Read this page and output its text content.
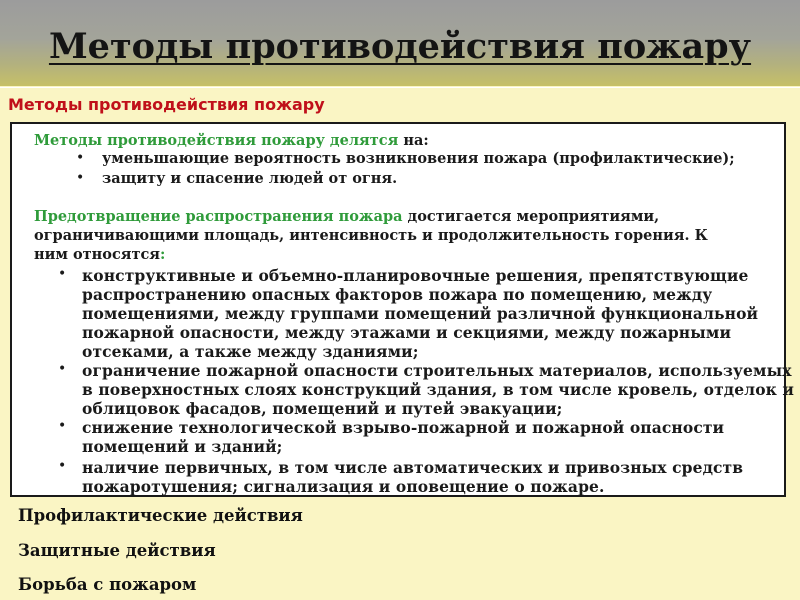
Методы противодействия пожару
Методы противодействия пожару
Методы противодействия пожару делятся на:
• уменьшающие вероятность возникновения пожара (профилактические);
• защиту и спасение людей от огня.
Предотвращение распространения пожара достигается мероприятиями,
ограничивающими площадь, интенсивность и продолжительность горения. К
ним относятся:
• конструктивные и объемно-планировочные решения, препятствующие
распространению опасных факторов пожара по помещению, между
помещениями, между группами помещений различной функциональной
пожарной опасности, между этажами и секциями, между пожарными
отсеками, а также между зданиями;
• ограничение пожарной опасности строительных материалов, используемых
в поверхностных слоях конструкций здания, в том числе кровель, отделок и
облицовок фасадов, помещений и путей эвакуации;
• снижение технологической взрыво-пожарной и пожарной опасности
помещений и зданий;
• наличие первичных, в том числе автоматических и привозных средств
пожаротушения; сигнализация и оповещение о пожаре.
Профилактические действия
Защитные действия
Борьба с пожаром
